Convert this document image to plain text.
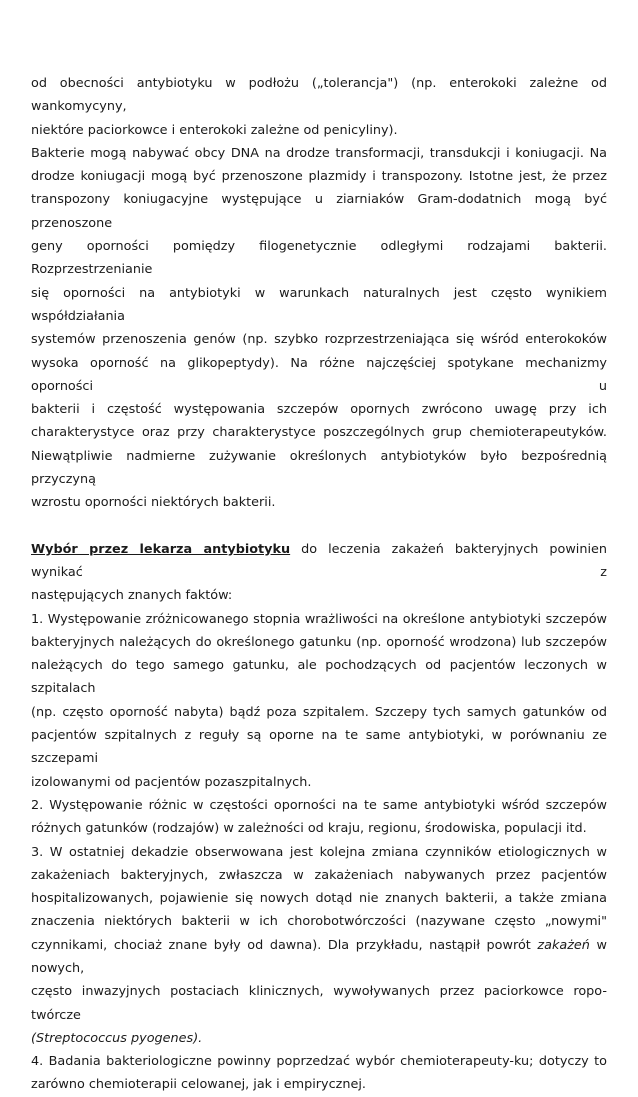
od obecności antybiotyku w podłożu („tolerancja") (np. enterokoki zależne od wankomycyny,
niektóre paciorkowce i enterokoki zależne od penicyliny).

Bakterie mogą nabywać obcy DNA na drodze transformacji, transdukcji i koniugacji. Na
drodze koniugacji mogą być przenoszone plazmidy i transpozony. Istotne jest, że przez
transpozony koniugacyjne występujące u ziarniaków Gram-dodatnich mogą być przenoszone
geny oporności pomiędzy filogenetycznie odległymi rodzajami bakterii. Rozprzestrzenianie
się oporności na antybiotyki w warunkach naturalnych jest często wynikiem współdziałania
systemów przenoszenia genów (np. szybko rozprzestrzeniająca się wśród enterokoków
wysoka oporność na glikopeptydy). Na różne najczęściej spotykane mechanizmy oporności u
bakterii i częstość występowania szczepów opornych zwrócono uwagę przy ich
charakterystyce oraz przy charakterystyce poszczególnych grup chemioterapeutyków.
Niewątpliwie nadmierne zużywanie określonych antybiotyków było bezpośrednią przyczyną
wzrostu oporności niektórych bakterii.

Wybór przez lekarza antybiotyku do leczenia zakażeń bakteryjnych powinien wynikać z
następujących znanych faktów:

1. Występowanie zróżnicowanego stopnia wrażliwości na określone antybiotyki szczepów
bakteryjnych należących do określonego gatunku (np. oporność wrodzona) lub szczepów
należących do tego samego gatunku, ale pochodzących od pacjentów leczonych w szpitalach
(np. często oporność nabyta) bądź poza szpitalem. Szczepy tych samych gatunków od
pacjentów szpitalnych z reguły są oporne na te same antybiotyki, w porównaniu ze szczepami
izolowanymi od pacjentów pozaszpitalnych.

2. Występowanie różnic w częstości oporności na te same antybiotyki wśród szczepów
różnych gatunków (rodzajów) w zależności od kraju, regionu, środowiska, populacji itd.

3. W ostatniej dekadzie obserwowana jest kolejna zmiana czynników etiologicznych w
zakażeniach bakteryjnych, zwłaszcza w zakażeniach nabywanych przez pacjentów
hospitalizowanych, pojawienie się nowych dotąd nie znanych bakterii, a także zmiana
znaczenia niektórych bakterii w ich chorobotwórczości (nazywane często „nowymi"
czynnikami, chociaż znane były od dawna). Dla przykładu, nastąpił powrót zakażeń w nowych,
często inwazyjnych postaciach klinicznych, wywoływanych przez paciorkowce ropo-twórcze
(Streptococcus pyogenes).

4. Badania bakteriologiczne powinny poprzedzać wybór chemioterapeuty-ku; dotyczy to
zarówno chemioterapii celowanej, jak i empirycznej.
